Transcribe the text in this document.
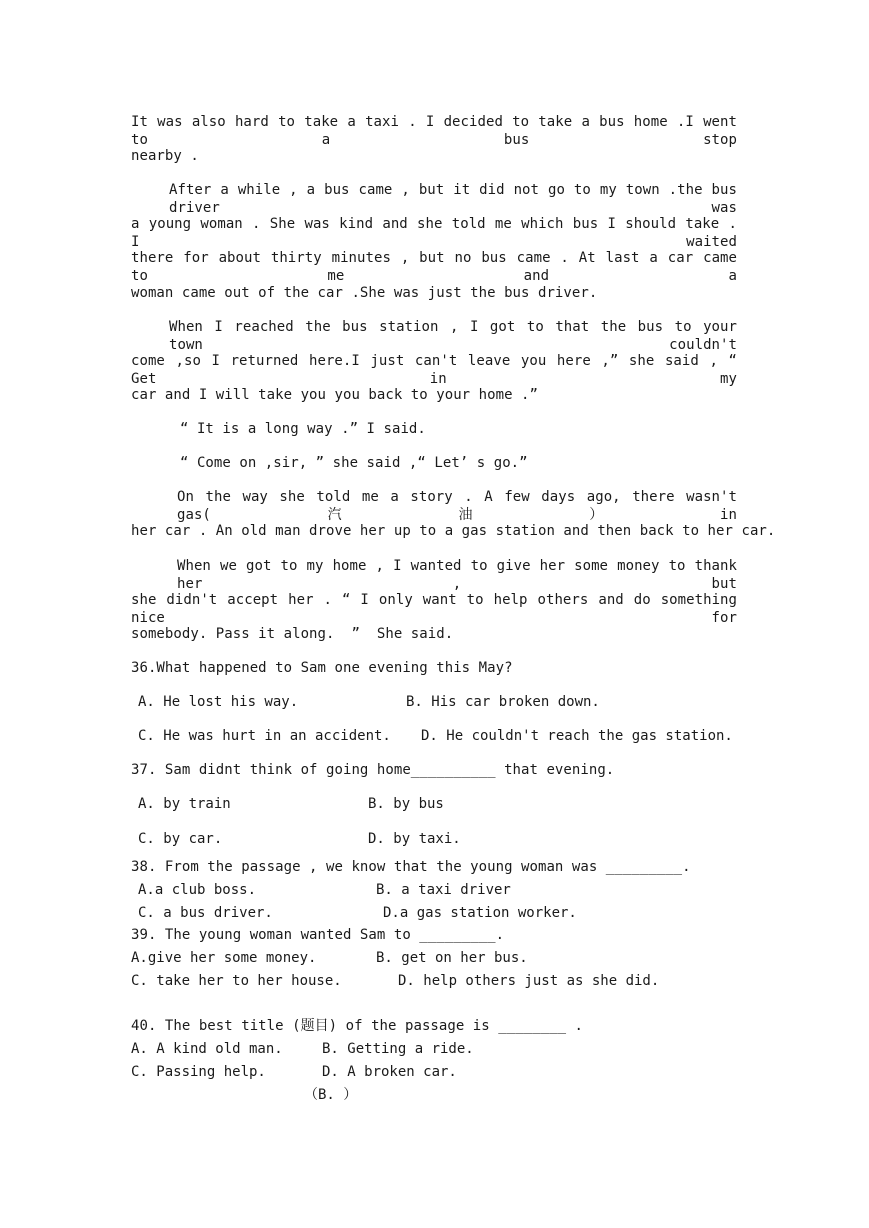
It was also hard to take a taxi . I decided to take a bus home .I went to a bus stop
nearby .
After a while , a bus came , but it did not go to my town .the bus driver was
a young woman . She was kind and she told me which bus I should take . I waited
there for about thirty minutes , but no bus came . At last a car came to me and a
woman came out of the car .She was just the bus driver.
When I reached the bus station , I got to that the bus to your town couldn't
come ,so I returned here.I just can't leave you here ,” she said , “ Get in my
car and I will take you you back to your home .”
“ It is a long way .” I said.
“ Come on ,sir, ” she said ,“ Let’ s go.”
On the way she told me a story . A few days ago, there wasn't gas(汽油）in
her car . An old man drove her up to a gas station and then back to her car.
When we got to my home , I wanted to give her some money to thank her , but
she didn't accept her . “ I only want to help others and do something nice for
somebody. Pass it along.  ”  She said.
36.What happened to Sam one evening this May?
A. He lost his way.	B. His car broken down.
C. He was hurt in an accident. D. He couldn't reach the gas station.
37. Sam didnt think of going home__________ that evening.
A. by train	B. by bus
C. by car.	D. by taxi.
38. From the passage , we know that the young woman was _________.
A.a club boss.	B. a taxi driver
C. a bus driver.	D.a gas station worker.
39. The young woman wanted Sam to _________.
A.give her some money.	B. get on her bus.
C. take her to her house.	D. help others just as she did.
40. The best title (题目) of the passage is ________ .
A. A kind old man.	B. Getting a ride.
C. Passing help.	D. A broken car.
（B. ）
